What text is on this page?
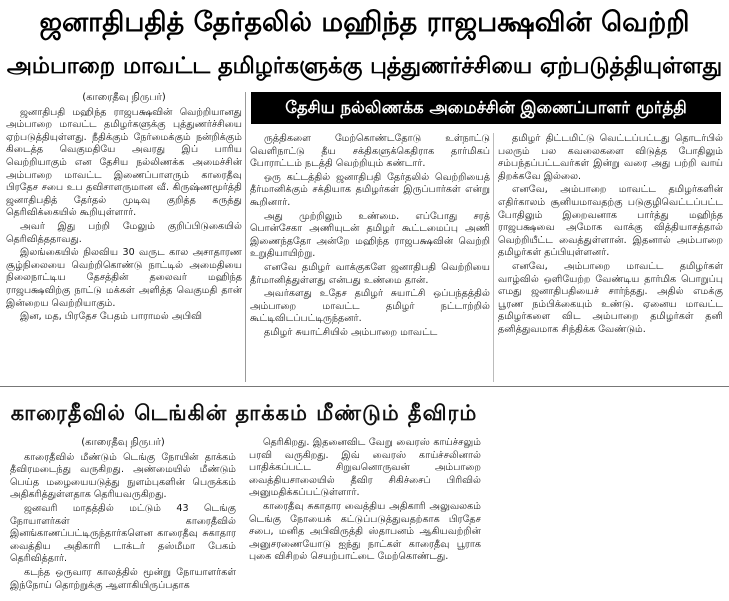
ஜனாதிபதித் தேர்தலில் மஹிந்த ராஜபக்ஷவின் வெற்றி
அம்பாறை மாவட்ட தமிழர்களுக்கு புத்துணர்ச்சியை ஏற்படுத்தியுள்ளது
தேசிய நல்லிணக்க அமைச்சின் இணைப்பாளர் மூர்த்தி
(காரைதீவு நிருபர்)

ஜனாதிபதி மஹிந்த ராஜபக்ஷவின் வெற்றியானது அம்பாறை மாவட்ட தமிழர்களுக்கு புத்துணர்ச்சியை ஏற்படுத்தியுள்ளது. நீதிக்கும் நேர்மைக்கும் நன்றிக்கும் கிடைத்த வெகுமதியே அவரது இப் பாரிய வெற்றியாகும் என தேசிய நல்லிணக்க அமைச்சின் அம்பாறை மாவட்ட இணைப்பாளரும் காரைதீவு பிரதேச சபை உப தவிசாளருமான வீ. கிருஷ்ணமூர்த்தி ஜனாதிபதித் தேர்தல் முடிவு குறித்த கருத்து தெரிவிக்கையில் கூறியுள்ளார்.

அவர் இது பற்றி மேலும் குறிப்பிடுகையில் தெரிவித்ததாவது.

இலங்கையில் நிலவிய 30 வருட கால அசாதாரண சூழ்நிலையை வெற்றிகொண்டு நாட்டில் அமைதியை நிலைநாட்டிய தேசத்தின் தலைவர் மஹிந்த ராஜபக்ஷவிற்கு நாட்டு மக்கள் அளித்த வெகுமதி தான் இன்றைய வெற்றியாகும்.

இன, மத, பிரதேச பேதம் பாராமல் அபிவி

ருத்திகளை மேற்கொண்டதோடு உள்நாட்டு வெளிநாட்டு தீய சக்திகளுக்கெதிராக தார்மிகப் போராட்டம் நடத்தி வெற்றியும் கண்டார்.

ஒரு கட்டத்தில் ஜனாதிபதி தேர்தலில் வெற்றியைத் தீர்மானிக்கும் சக்தியாக தமிழர்கள் இருப்பார்கள் என்று கூறினார்.

அது முற்றிலும் உண்மை. எப்போது சரத் பொன்சேகா அணியுடன் தமிழர் கூட்டமைப்பு அணி இணைந்ததோ அன்றே மஹிந்த ராஜபக்ஷவின் வெற்றி உறுதியாயிற்று.

எனவே தமிழர் வாக்குகளே ஜனாதிபதி வெற்றியை தீர்மானித்துள்ளது என்பது உண்மை தான்.

அவர்களது உதேச தமிழர் சுயாட்சி ஒப்பந்தத்தில் அம்பாறை மாவட்ட தமிழர் நட்டாற்றில் கூட்டிவிடப்பட்டிருந்தனர்.

தமிழர் சுயாட்சியில் அம்பாறை மாவட்ட

தமிழர் திட்டமிட்டு வெட்டப்பட்டது தொடர்பில் பலரும் பல கவலைகளை விடுத்த போதிலும் சம்பந்தப்பட்டவர்கள் இன்று வரை அது பற்றி வாய் திறக்கவே இல்லை.

எனவே, அம்பாறை மாவட்ட தமிழர்களின் எதிர்காலம் சூனியமாவதற்கு படுகுழிவெட்டப்பட்ட போதிலும் இறைவனாக பார்த்து மஹிந்த ராஜபக்ஷவை அமோக வாக்கு வித்தியாசத்தால் வெற்றியீட்ட வைத்துள்ளான். இதனால் அம்பாறை தமிழர்கள் தப்பியுள்ளனர்.

எனவே, அம்பாறை மாவட்ட தமிழர்கள் வாழ்வில் ஒளியேற்ற வேண்டிய தார்மிக பொறுப்பு எமது ஜனாதிபதியைச் சார்ந்தது. அதில் எமக்கு பூரண நம்பிக்கையும் உண்டு. ஏனைய மாவட்ட தமிழர்களை விட அம்பாறை தமிழர்கள் தனி தனித்துவமாக சிந்திக்க வேண்டும்.

காரைதீவில் டெங்கின் தாக்கம் மீண்டும் தீவிரம்
(காரைதீவு நிருபர்)

காரைதீவில் மீண்டும் டெங்கு நோயின் தாக்கம் தீவிரமடைந்து வருகிறது. அண்மையில் மீண்டும் பெய்த மழையையடுத்து நுளம்புகளின் பெருக்கம் அதிகரித்துள்ளதாக தெரியவருகிறது.

ஜனவரி மாதத்தில் மட்டும் 43 டெங்கு நோயாளர்கள் காரைதீவில் இனங்காணப்பட்டிருந்தார்களென காரைதீவு சுகாதார வைத்திய அதிகாரி டாக்டர் தஸ்மீமா பேகம் தெரிவித்தார்.

கடந்த ஒருவார காலத்தில் மூன்று நோயாளர்கள் இந்நோய் தொற்றுக்கு ஆளாகியிருப்பதாக

தெரிகிறது. இதனைவிட வேறு வைரஸ் காய்ச்சலும் பரவி வருகிறது. இவ் வைரஸ் காய்ச்சலினால் பாதிக்கப்பட்ட சிறுவனொருவன் அம்பாறை வைத்தியசாலையில் தீவிர சிகிச்சைப் பிரிவில் அனுமதிக்கப்பட்டுள்ளார்.

காரைதீவு சுகாதார வைத்திய அதிகாரி அலுவலகம் டெங்கு நோயைக் கட்டுப்படுத்துவதற்காக பிரதேச சபை, மனித அபிவிருத்தி ஸ்தாபனம் ஆகியவற்றின் அனுசரணையோடு ஐந்து நாட்கள் காரைதீவு பூராக புகை விசிறல் செயற்பாட்டை மேற்கொண்டது.
